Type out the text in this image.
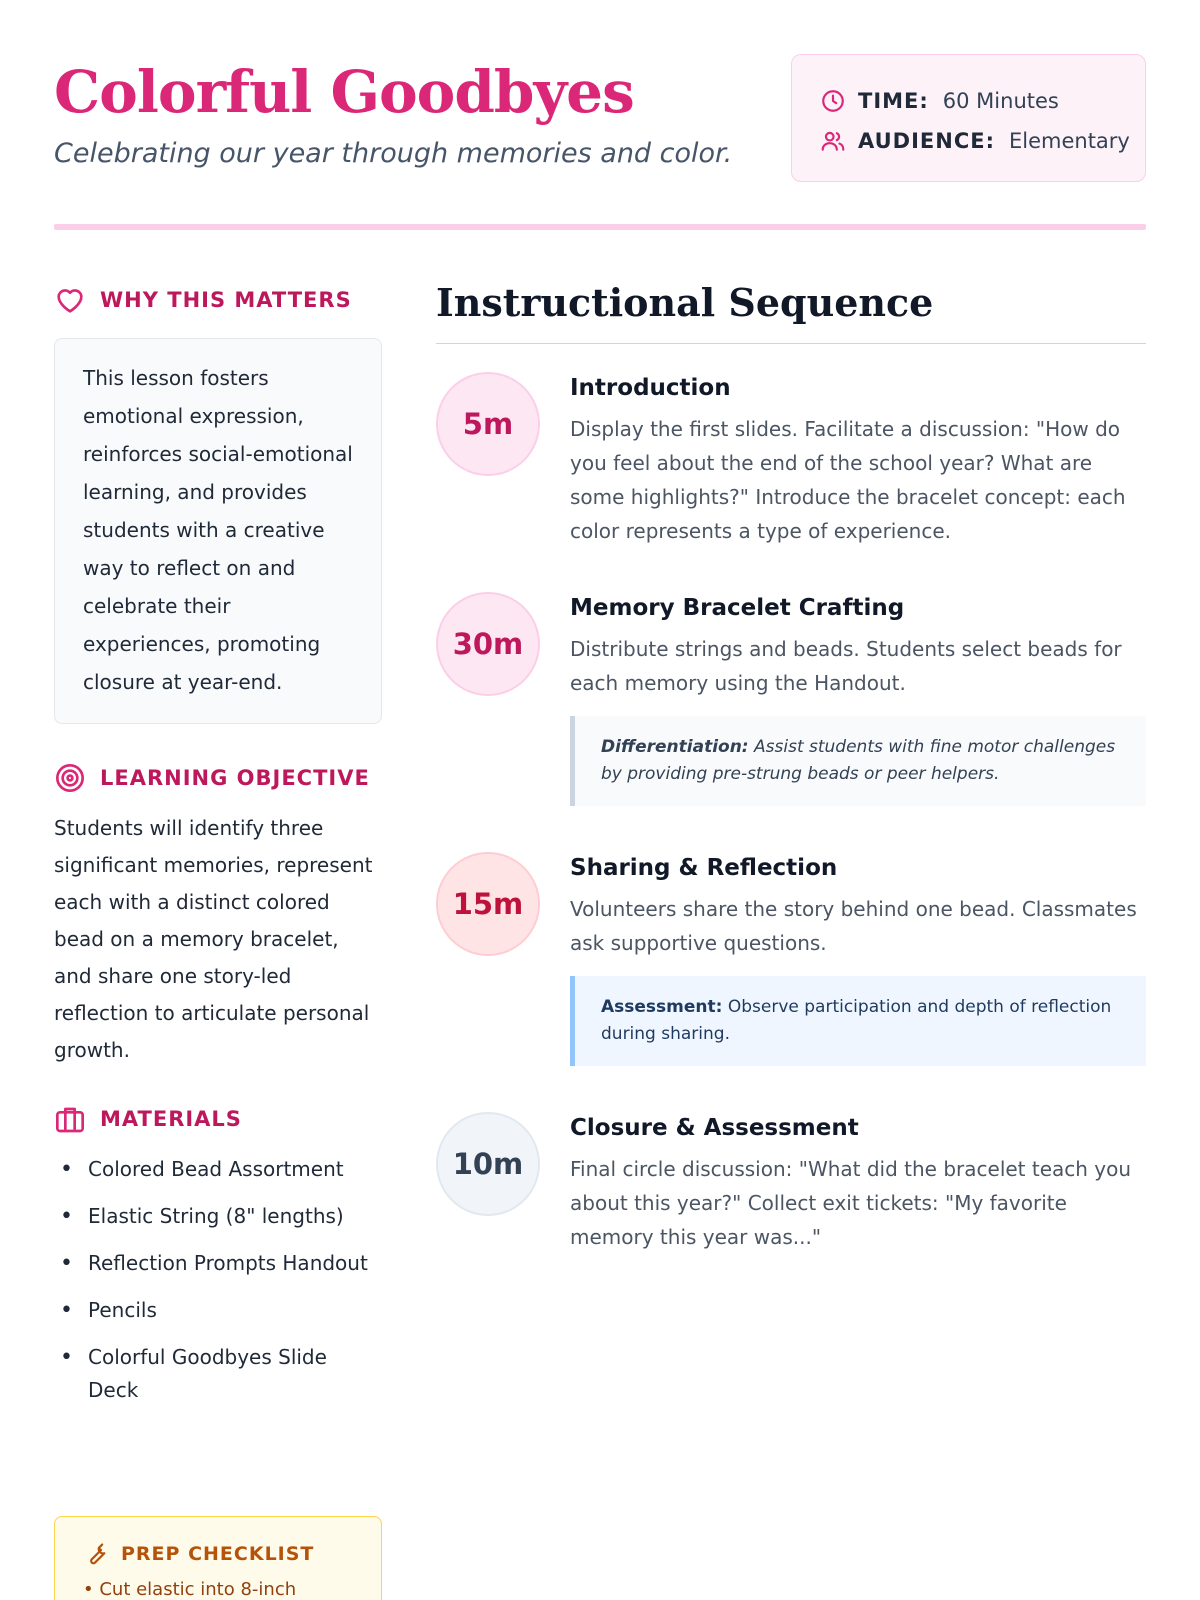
Colorful Goodbyes

Celebrating our year through memories and color.

TIME: 60 Minutes
AUDIENCE: Elementary
WHY THIS MATTERS
This lesson fosters emotional expression, reinforces social-emotional learning, and provides students with a creative way to reflect on and celebrate their experiences, promoting closure at year-end.
LEARNING OBJECTIVE

Students will identify three significant memories, represent each with a distinct colored bead on a memory bracelet, and share one story-led reflection to articulate personal growth.

MATERIALS
• Colored Bead Assortment
• Elastic String (8" lengths)
• Reflection Prompts Handout
• Pencils
• Colorful Goodbyes Slide Deck
PREP CHECKLIST
• Cut elastic into 8-inch
Instructional Sequence
5m
Introduction

Display the first slides. Facilitate a discussion: "How do you feel about the end of the school year? What are some highlights?" Introduce the bracelet concept: each color represents a type of experience.

30m
Memory Bracelet Crafting

Distribute strings and beads. Students select beads for each memory using the Handout.

Differentiation: Assist students with fine motor challenges by providing pre-strung beads or peer helpers.
15m
Sharing & Reflection

Volunteers share the story behind one bead. Classmates ask supportive questions.

Assessment: Observe participation and depth of reflection during sharing.
10m
Closure & Assessment

Final circle discussion: "What did the bracelet teach you about this year?" Collect exit tickets: "My favorite memory this year was..."
